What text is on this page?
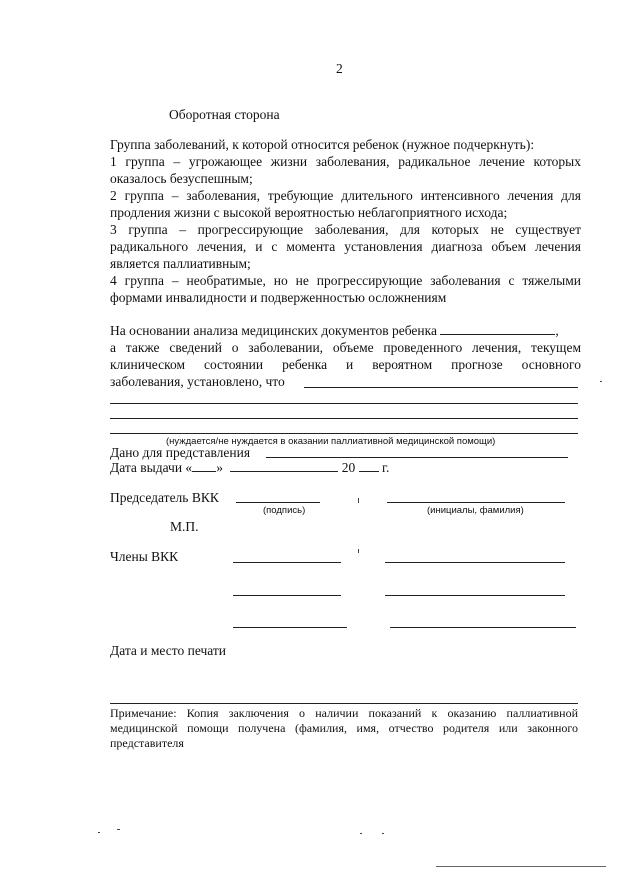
2
Оборотная сторона
Группа заболеваний, к которой относится ребенок (нужное подчеркнуть):
1 группа – угрожающее жизни заболевания, радикальное лечение которых
оказалось безуспешным;
2 группа – заболевания, требующие длительного интенсивного лечения для
продления жизни с высокой вероятностью неблагоприятного исхода;
3 группа – прогрессирующие заболевания, для которых не существует
радикального лечения, и с момента установления диагноза объем лечения
является паллиативным;
4 группа – необратимые, но не прогрессирующие заболевания с тяжелыми
формами инвалидности и подверженностью осложнениям
На основании анализа медицинских документов ребенка	,
а также сведений о заболевании, объеме проведенного лечения, текущем
клиническом состоянии ребенка и вероятном прогнозе основного
заболевания, установлено, что
(нуждается/не нуждается в оказании паллиативной медицинской помощи)
Дано для представления
Дата выдачи « »	20 г.
Председатель ВКК
(подпись)	(инициалы, фамилия)
М.П.
Члены ВКК
Дата и место печати
Примечание: Копия заключения о наличии показаний к оказанию паллиативной
медицинской помощи получена (фамилия, имя, отчество родителя или законного
представителя
